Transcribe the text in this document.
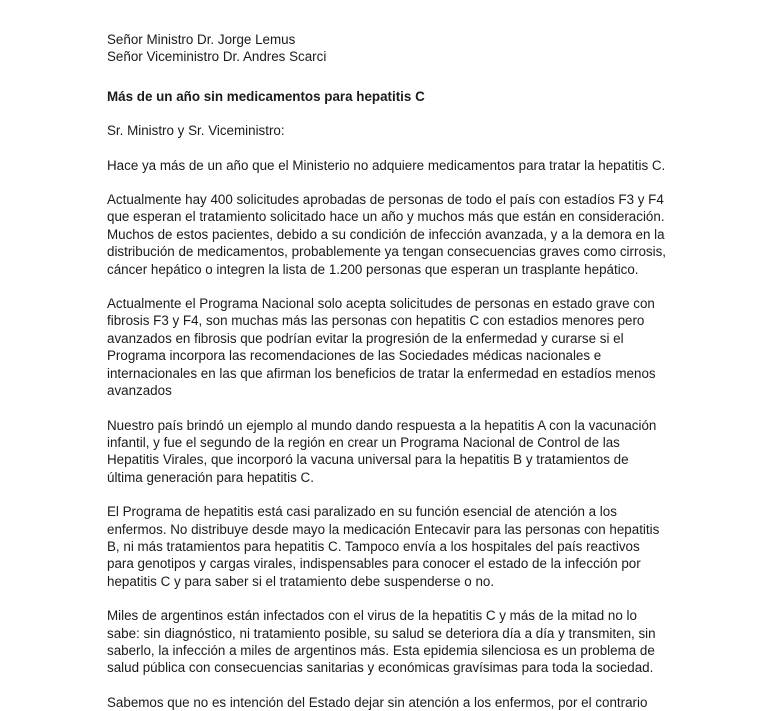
Señor Ministro Dr. Jorge Lemus

Señor Viceministro Dr. Andres Scarci

Más de un año sin medicamentos para hepatitis C

Sr. Ministro y Sr. Viceministro:

Hace ya más de un año que el Ministerio no adquiere medicamentos para tratar la hepatitis C.

Actualmente hay 400 solicitudes aprobadas de personas de todo el país con estadíos F3 y F4 que esperan el tratamiento solicitado hace un año y muchos más que están en consideración. Muchos de estos pacientes, debido a su condición de infección avanzada, y a la demora en la distribución de medicamentos, probablemente ya tengan consecuencias graves como cirrosis, cáncer hepático o integren la lista de 1.200 personas que esperan un trasplante hepático.

Actualmente el Programa Nacional solo acepta solicitudes de personas en estado grave con fibrosis F3 y F4, son muchas más las personas con hepatitis C con estadios menores pero avanzados en fibrosis que podrían evitar la progresión de la enfermedad y curarse si el Programa incorpora las recomendaciones de las Sociedades médicas nacionales e internacionales en las que afirman los beneficios de tratar la enfermedad en estadíos menos avanzados

Nuestro país brindó un ejemplo al mundo dando respuesta a la hepatitis A con la vacunación infantil, y fue el segundo de la región en crear un Programa Nacional de Control de las Hepatitis Virales, que incorporó la vacuna universal para la hepatitis B y tratamientos de última generación para hepatitis C.

El Programa de hepatitis está casi paralizado en su función esencial de atención a los enfermos. No distribuye desde mayo la medicación Entecavir para las personas con hepatitis B, ni más tratamientos para hepatitis C. Tampoco envía a los hospitales del país reactivos para genotipos y cargas virales, indispensables para conocer el estado de la infección por hepatitis C y para saber si el tratamiento debe suspenderse o no.

Miles de argentinos están infectados con el virus de la hepatitis C y más de la mitad no lo sabe: sin diagnóstico, ni tratamiento posible, su salud se deteriora día a día y transmiten, sin saberlo, la infección a miles de argentinos más. Esta epidemia silenciosa es un problema de salud pública con consecuencias sanitarias y económicas gravísimas para toda la sociedad.

Sabemos que no es intención del Estado dejar sin atención a los enfermos, por el contrario
